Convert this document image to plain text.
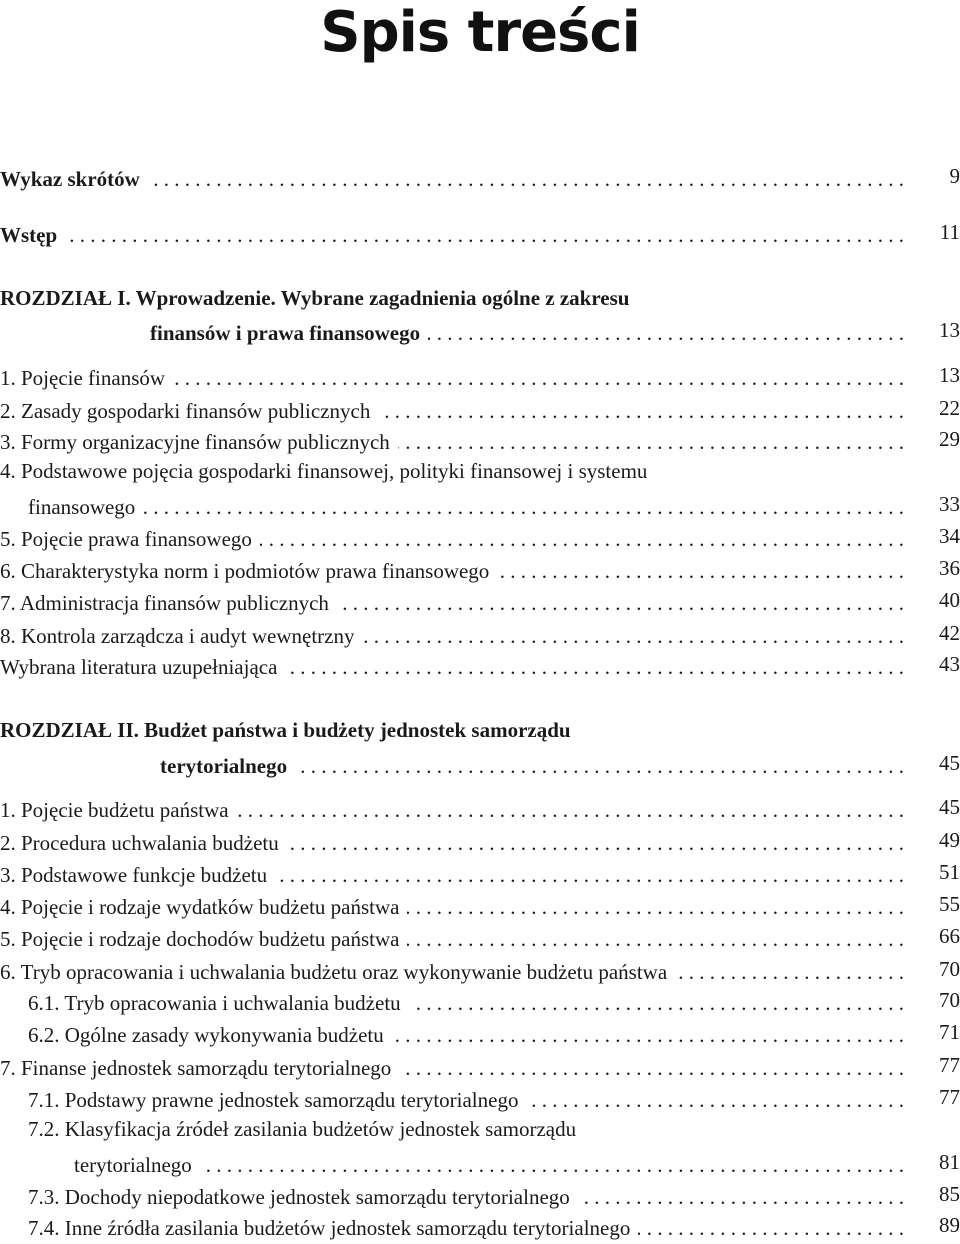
Spis treści
Wykaz skrótów . . .	9
Wstęp . . .	11
ROZDZIAŁ I. Wprowadzenie. Wybrane zagadnienia ogólne z zakresu
finansów i prawa finansowego . . .	13
1. Pojęcie finansów . . .	13
2. Zasady gospodarki finansów publicznych . . .	22
3. Formy organizacyjne finansów publicznych . . .	29
4. Podstawowe pojęcia gospodarki finansowej, polityki finansowej i systemu
finansowego . . .	33
5. Pojęcie prawa finansowego . . .	34
6. Charakterystyka norm i podmiotów prawa finansowego . . .	36
7. Administracja finansów publicznych . . .	40
8. Kontrola zarządcza i audyt wewnętrzny . . .	42
Wybrana literatura uzupełniająca . . .	43
ROZDZIAŁ II. Budżet państwa i budżety jednostek samorządu
terytorialnego . . .	45
1. Pojęcie budżetu państwa . . .	45
2. Procedura uchwalania budżetu . . .	49
3. Podstawowe funkcje budżetu . . .	51
4. Pojęcie i rodzaje wydatków budżetu państwa . . .	55
5. Pojęcie i rodzaje dochodów budżetu państwa . . .	66
6. Tryb opracowania i uchwalania budżetu oraz wykonywanie budżetu państwa . . .	70
6.1. Tryb opracowania i uchwalania budżetu . . .	70
6.2. Ogólne zasady wykonywania budżetu . . .	71
7. Finanse jednostek samorządu terytorialnego . . .	77
7.1. Podstawy prawne jednostek samorządu terytorialnego . . .	77
7.2. Klasyfikacja źródeł zasilania budżetów jednostek samorządu
terytorialnego . . .	81
7.3. Dochody niepodatkowe jednostek samorządu terytorialnego . . .	85
7.4. Inne źródła zasilania budżetów jednostek samorządu terytorialnego . . .	89
